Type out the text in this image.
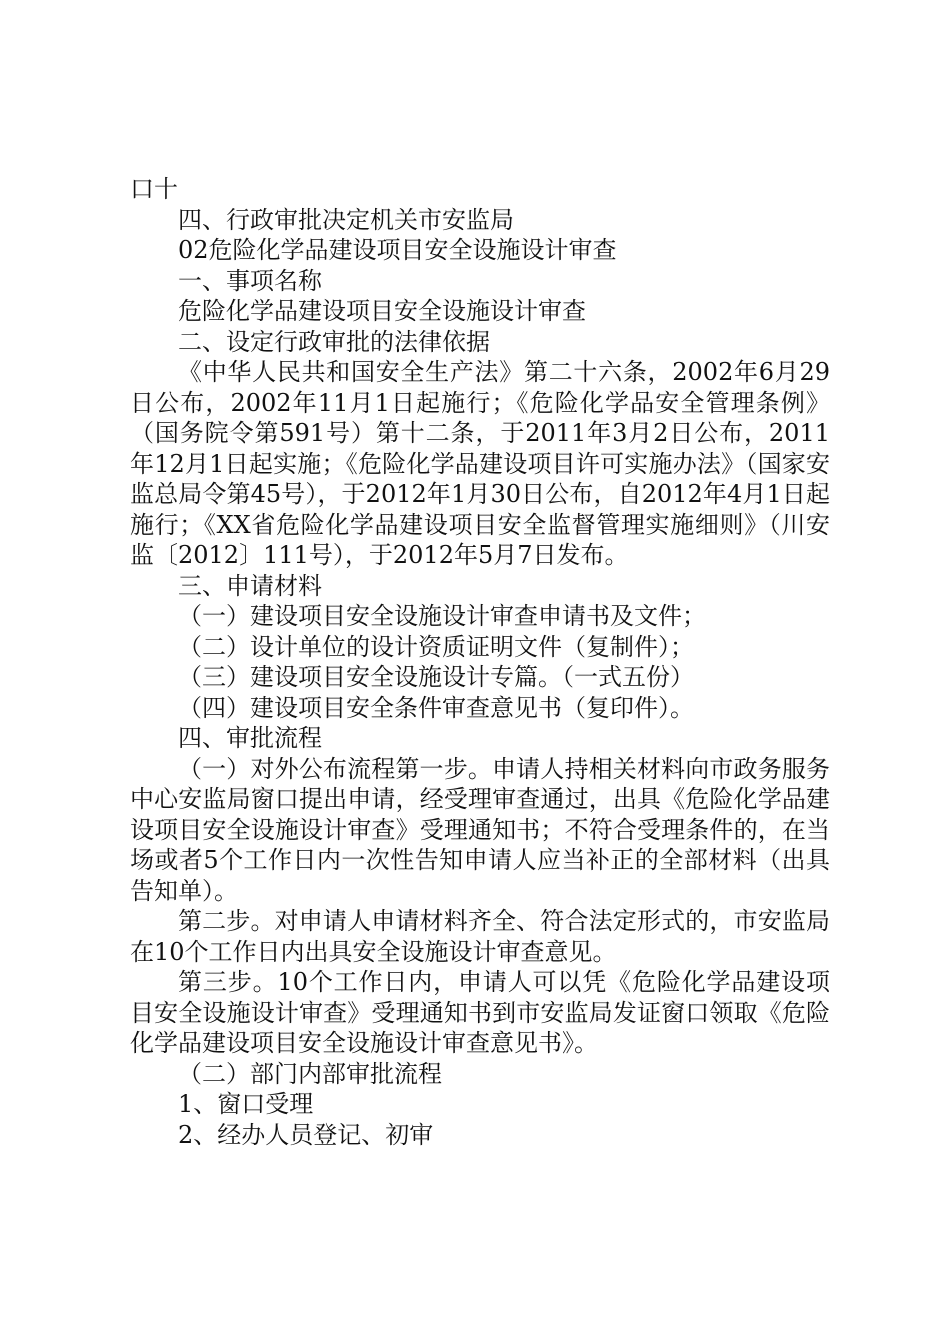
口十

四、行政审批决定机关市安监局

02危险化学品建设项目安全设施设计审查

一、事项名称

危险化学品建设项目安全设施设计审查

二、设定行政审批的法律依据

《中华人民共和国安全生产法》第二十六条，2002年6月29日公布，2002年11月1日起施行；《危险化学品安全管理条例》（国务院令第591号）第十二条，于2011年3月2日公布，2011年12月1日起实施；《危险化学品建设项目许可实施办法》（国家安监总局令第45号），于2012年1月30日公布，自2012年4月1日起施行；《XX省危险化学品建设项目安全监督管理实施细则》（川安监〔2012〕111号），于2012年5月7日发布。

三、申请材料

（一）建设项目安全设施设计审查申请书及文件；

（二）设计单位的设计资质证明文件（复制件）；

（三）建设项目安全设施设计专篇。（一式五份）

（四）建设项目安全条件审查意见书（复印件）。

四、审批流程

（一）对外公布流程第一步。申请人持相关材料向市政务服务中心安监局窗口提出申请，经受理审查通过，出具《危险化学品建设项目安全设施设计审查》受理通知书；不符合受理条件的，在当场或者5个工作日内一次性告知申请人应当补正的全部材料（出具告知单）。

第二步。对申请人申请材料齐全、符合法定形式的，市安监局在10个工作日内出具安全设施设计审查意见。

第三步。10个工作日内，申请人可以凭《危险化学品建设项目安全设施设计审查》受理通知书到市安监局发证窗口领取《危险化学品建设项目安全设施设计审查意见书》。

（二）部门内部审批流程

1、窗口受理

2、经办人员登记、初审
